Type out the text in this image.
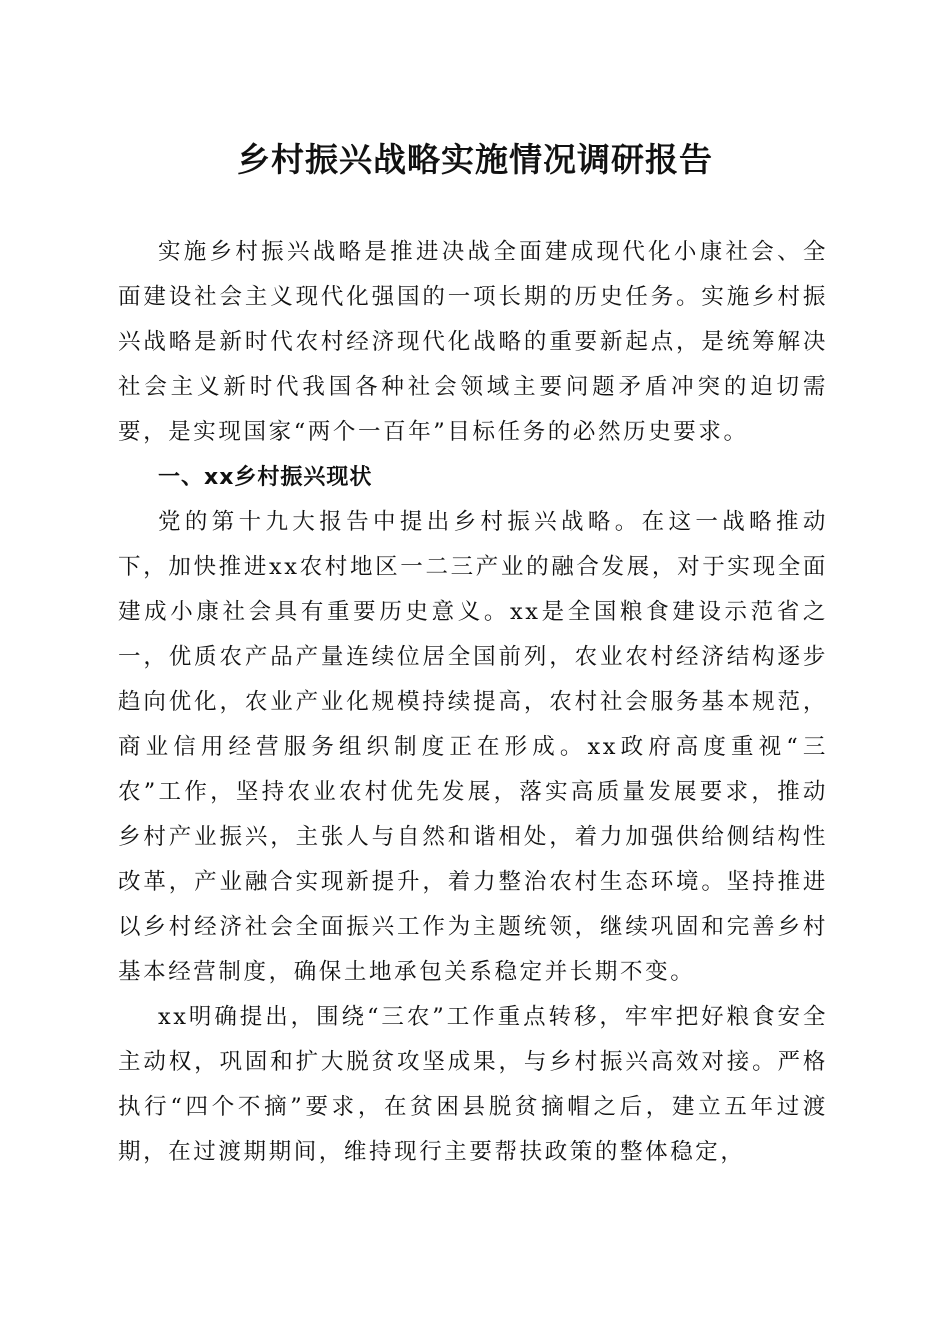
乡村振兴战略实施情况调研报告

实施乡村振兴战略是推进决战全面建成现代化小康社会、全面建设社会主义现代化强国的一项长期的历史任务。实施乡村振兴战略是新时代农村经济现代化战略的重要新起点，是统筹解决社会主义新时代我国各种社会领域主要问题矛盾冲突的迫切需要，是实现国家“两个一百年”目标任务的必然历史要求。

一、xx乡村振兴现状

党的第十九大报告中提出乡村振兴战略。在这一战略推动下，加快推进xx农村地区一二三产业的融合发展，对于实现全面建成小康社会具有重要历史意义。xx是全国粮食建设示范省之一，优质农产品产量连续位居全国前列，农业农村经济结构逐步趋向优化，农业产业化规模持续提高，农村社会服务基本规范，商业信用经营服务组织制度正在形成。xx政府高度重视“三农”工作，坚持农业农村优先发展，落实高质量发展要求，推动乡村产业振兴，主张人与自然和谐相处，着力加强供给侧结构性改革，产业融合实现新提升，着力整治农村生态环境。坚持推进以乡村经济社会全面振兴工作为主题统领，继续巩固和完善乡村基本经营制度，确保土地承包关系稳定并长期不变。

xx明确提出，围绕“三农”工作重点转移，牢牢把好粮食安全主动权，巩固和扩大脱贫攻坚成果，与乡村振兴高效对接。严格执行“四个不摘”要求，在贫困县脱贫摘帽之后，建立五年过渡期，在过渡期期间，维持现行主要帮扶政策的整体稳定，
